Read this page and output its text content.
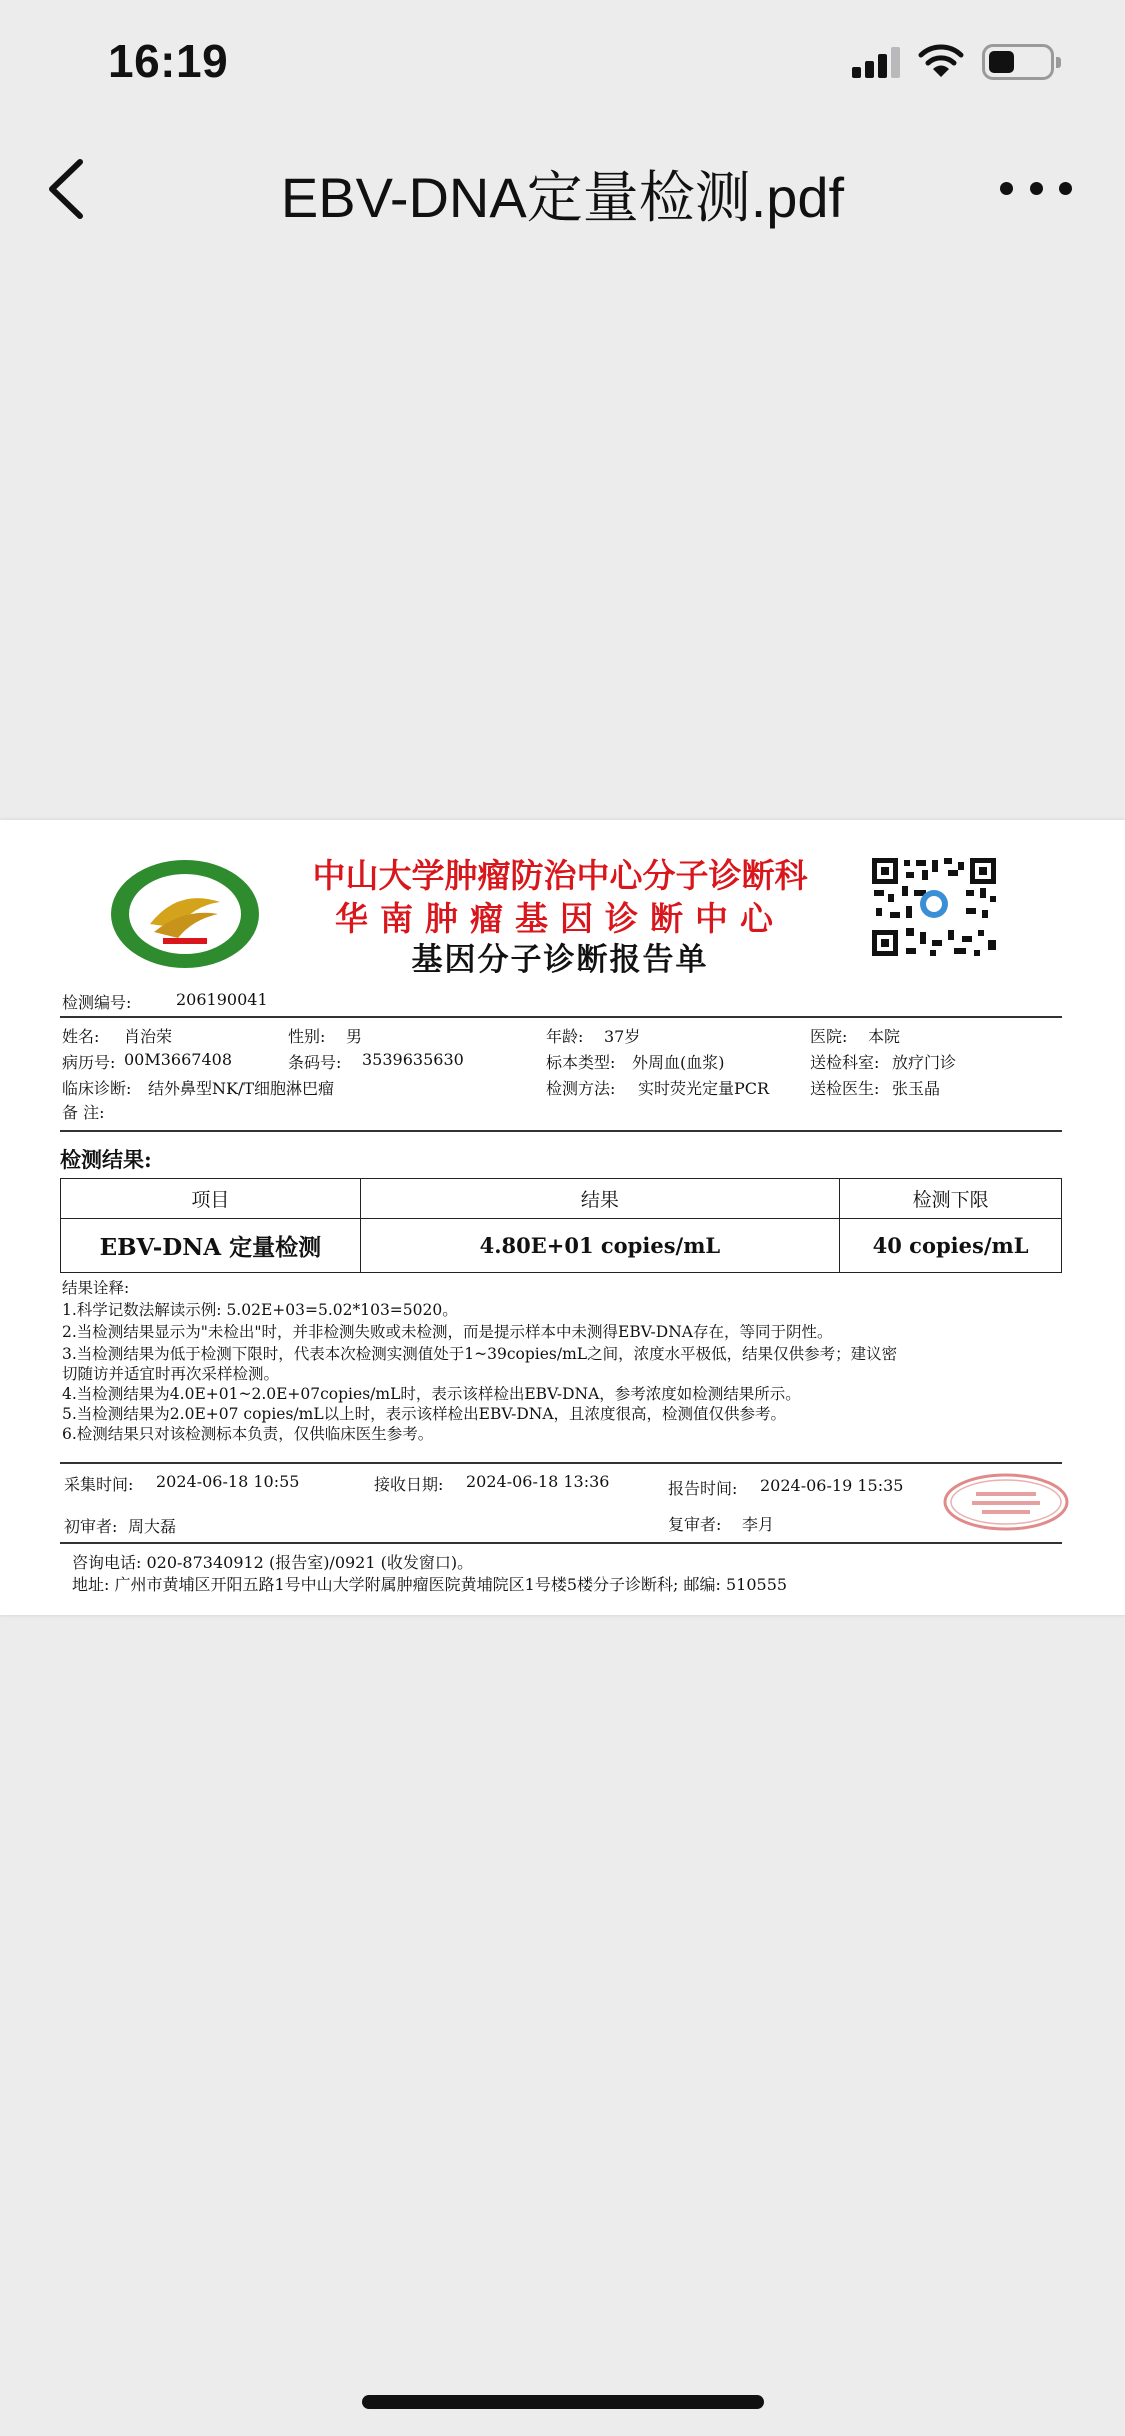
16:19
EBV-DNA定量检测.pdf
中山大学肿瘤防治中心分子诊断科
华南肿瘤基因诊断中心
基因分子诊断报告单
检测编号:	206190041
姓名: 肖治荣	性别: 男	年龄: 37岁	医院: 本院
病历号: 00M3667408	条码号: 3539635630	标本类型: 外周血(血浆)	送检科室: 放疗门诊
临床诊断: 结外鼻型NK/T细胞淋巴瘤	检测方法: 实时荧光定量PCR	送检医生: 张玉晶
备 注:
检测结果:
项目	结果	检测下限
EBV-DNA 定量检测	4.80E+01 copies/mL	40 copies/mL
结果诠释:
1.科学记数法解读示例: 5.02E+03=5.02*103=5020。
2.当检测结果显示为"未检出"时，并非检测失败或未检测，而是提示样本中未测得EBV-DNA存在，等同于阴性。
3.当检测结果为低于检测下限时，代表本次检测实测值处于1~39copies/mL之间，浓度水平极低，结果仅供参考；建议密
切随访并适宜时再次采样检测。
4.当检测结果为4.0E+01~2.0E+07copies/mL时，表示该样检出EBV-DNA，参考浓度如检测结果所示。
5.当检测结果为2.0E+07 copies/mL以上时，表示该样检出EBV-DNA，且浓度很高，检测值仅供参考。
6.检测结果只对该检测标本负责，仅供临床医生参考。
采集时间: 2024-06-18 10:55	接收日期: 2024-06-18 13:36	报告时间: 2024-06-19 15:35
初审者: 周大磊	复审者: 李月
咨询电话: 020-87340912 (报告室)/0921 (收发窗口)。
地址: 广州市黄埔区开阳五路1号中山大学附属肿瘤医院黄埔院区1号楼5楼分子诊断科; 邮编: 510555
